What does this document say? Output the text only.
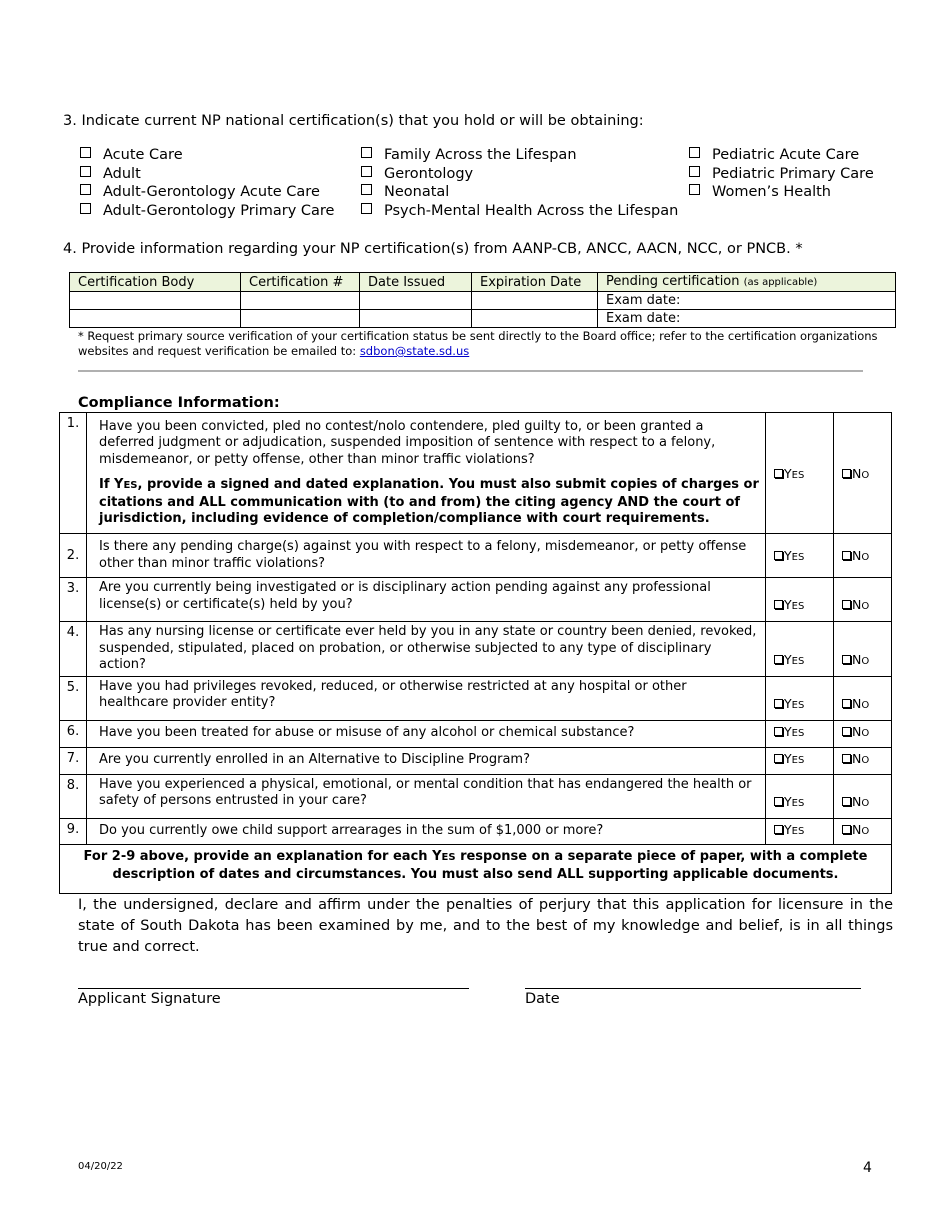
3. Indicate current NP national certification(s) that you hold or will be obtaining:
Acute Care
Adult
Adult-Gerontology Acute Care
Adult-Gerontology Primary Care
Family Across the Lifespan
Gerontology
Neonatal
Psych-Mental Health Across the Lifespan
Pediatric Acute Care
Pediatric Primary Care
Women’s Health
4. Provide information regarding your NP certification(s) from AANP-CB, ANCC, AACN, NCC, or PNCB. *
Certification Body	Certification #	Date Issued	Expiration Date	Pending certification (as applicable)
				Exam date:
				Exam date:
* Request primary source verification of your certification status be sent directly to the Board office; refer to the certification organizations websites and request verification be emailed to: sdbon@state.sd.us
Compliance Information:
1.	Have you been convicted, pled no contest/nolo contendere, pled guilty to, or been granted a deferred judgment or adjudication, suspended imposition of sentence with respect to a felony, misdemeanor, or petty offense, other than minor traffic violations?
If YES, provide a signed and dated explanation. You must also submit copies of charges or citations and ALL communication with (to and from) the citing agency AND the court of jurisdiction, including evidence of completion/compliance with court requirements.	YES	NO
2.	Is there any pending charge(s) against you with respect to a felony, misdemeanor, or petty offense other than minor traffic violations?	YES	NO
3.	Are you currently being investigated or is disciplinary action pending against any professional license(s) or certificate(s) held by you?	YES	NO
4.	Has any nursing license or certificate ever held by you in any state or country been denied, revoked, suspended, stipulated, placed on probation, or otherwise subjected to any type of disciplinary action?	YES	NO
5.	Have you had privileges revoked, reduced, or otherwise restricted at any hospital or other healthcare provider entity?	YES	NO
6.	Have you been treated for abuse or misuse of any alcohol or chemical substance?	YES	NO
7.	Are you currently enrolled in an Alternative to Discipline Program?	YES	NO
8.	Have you experienced a physical, emotional, or mental condition that has endangered the health or safety of persons entrusted in your care?	YES	NO
9.	Do you currently owe child support arrearages in the sum of $1,000 or more?	YES	NO
For 2-9 above, provide an explanation for each YES response on a separate piece of paper, with a complete description of dates and circumstances. You must also send ALL supporting applicable documents.			
I, the undersigned, declare and affirm under the penalties of perjury that this application for licensure in the state of South Dakota has been examined by me, and to the best of my knowledge and belief, is in all things true and correct.
Applicant Signature	Date
04/20/22	4
